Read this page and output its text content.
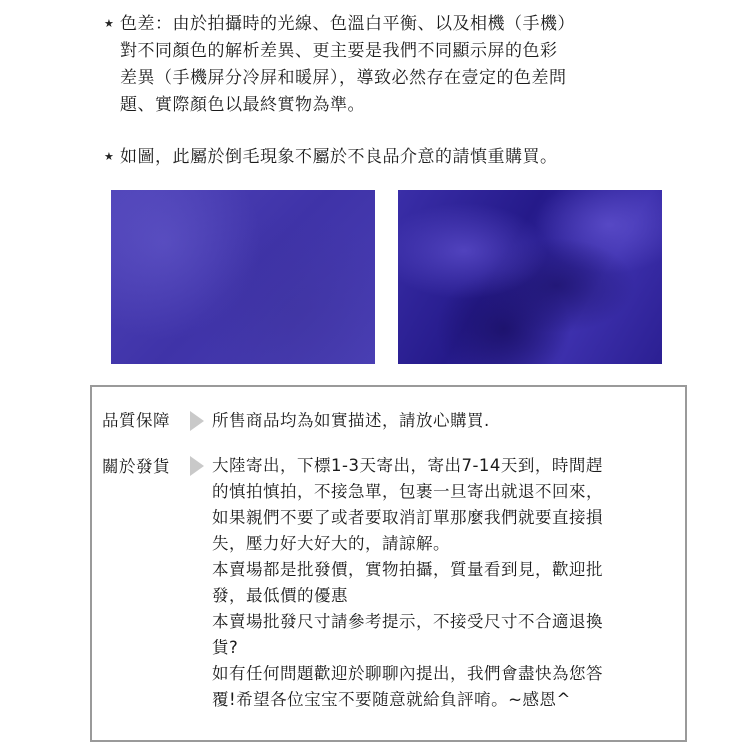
★ 色差：由於拍攝時的光線、色溫白平衡、以及相機（手機）
對不同顏色的解析差異、更主要是我們不同顯示屏的色彩
差異（手機屏分冷屏和暖屏），導致必然存在壹定的色差問
題、實際顏色以最終實物為準。
★ 如圖，此屬於倒毛現象不屬於不良品介意的請慎重購買。
品質保障	所售商品均為如實描述，請放心購買.
關於發貨	大陸寄出，下標1-3天寄出，寄出7-14天到，時間趕
的慎拍慎拍，不接急單，包裹一旦寄出就退不回來，
如果親們不要了或者要取消訂單那麼我們就要直接損
失，壓力好大好大的，請諒解。
本賣場都是批發價，實物拍攝，質量看到見，歡迎批
發，最低價的優惠
本賣場批發尺寸請參考提示，不接受尺寸不合適退換
貨?
如有任何問題歡迎於聊聊內提出，我們會盡快為您答
覆!希望各位宝宝不要随意就給負評唷。~感恩^
